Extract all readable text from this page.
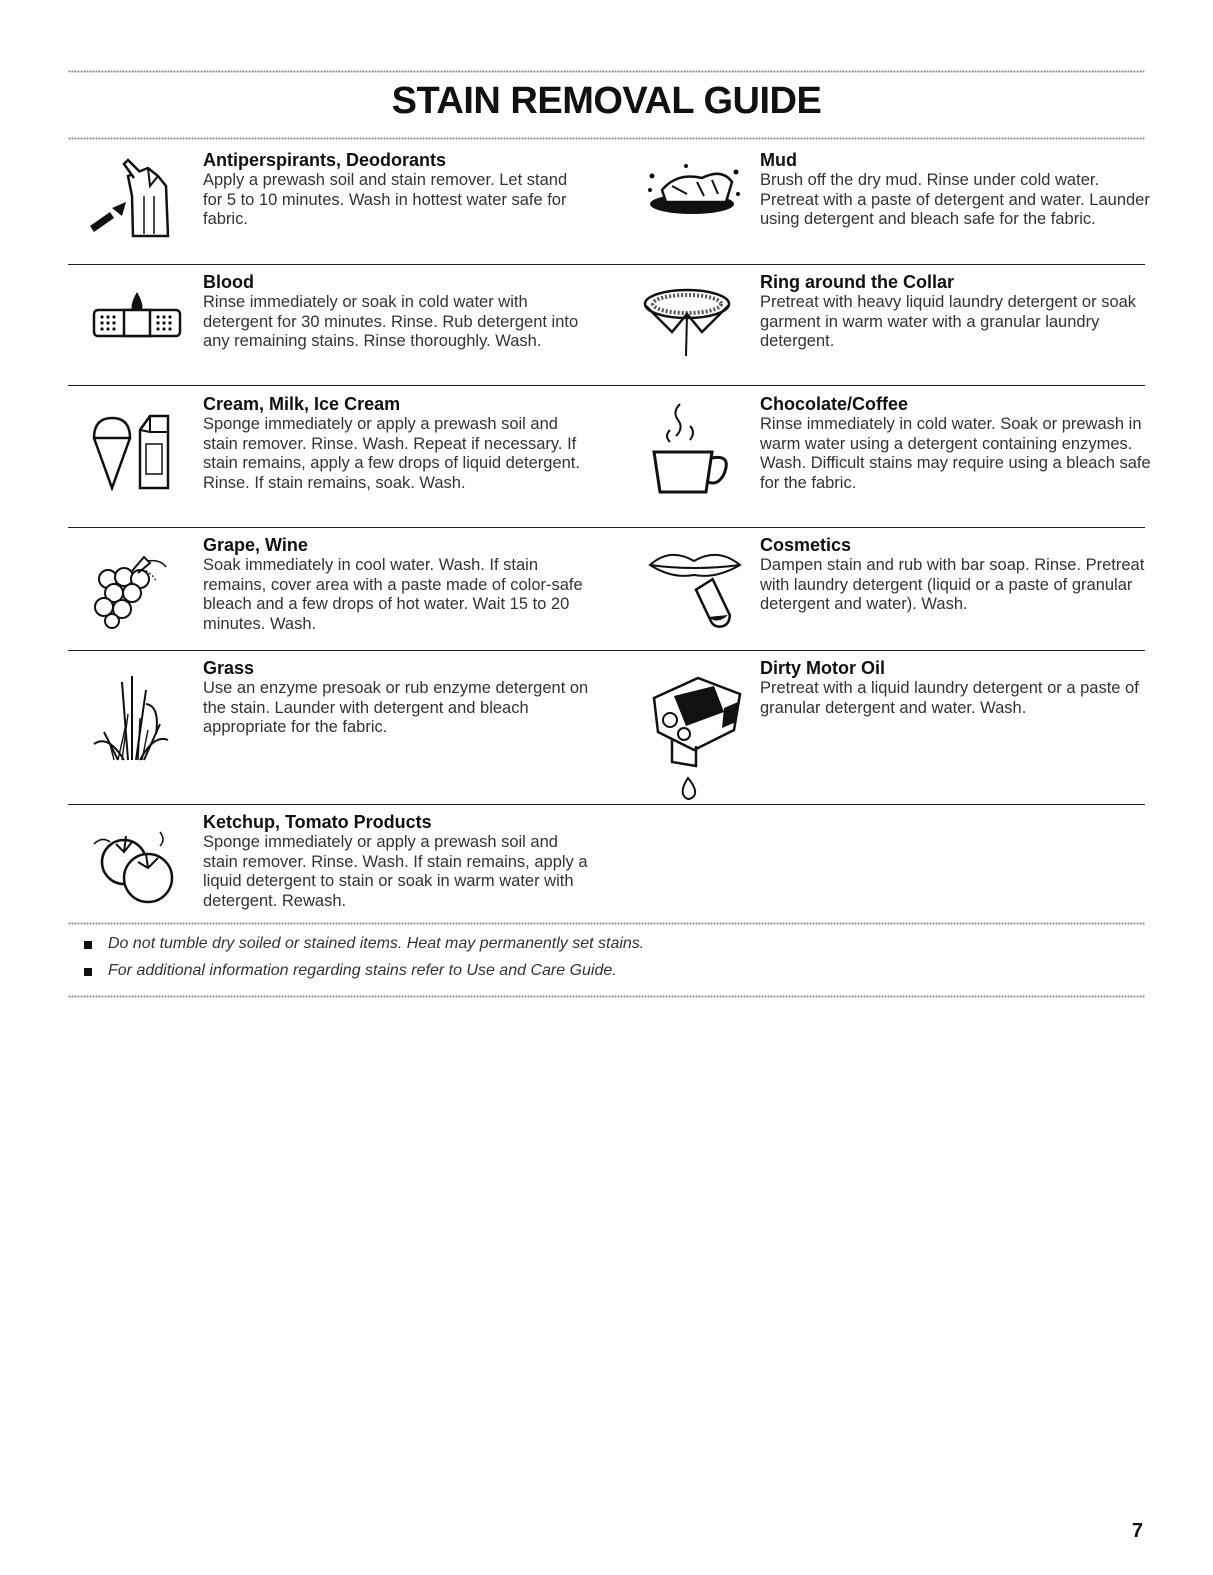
STAIN REMOVAL GUIDE

Antiperspirants, Deodorants

Apply a prewash soil and stain remover. Let stand for 5 to 10 minutes. Wash in hottest water safe for fabric.

Mud

Brush off the dry mud. Rinse under cold water. Pretreat with a paste of detergent and water. Launder using detergent and bleach safe for the fabric.

Blood

Rinse immediately or soak in cold water with detergent for 30 minutes. Rinse. Rub detergent into any remaining stains. Rinse thoroughly. Wash.

Ring around the Collar

Pretreat with heavy liquid laundry detergent or soak garment in warm water with a granular laundry detergent.

Cream, Milk, Ice Cream

Sponge immediately or apply a prewash soil and stain remover. Rinse. Wash. Repeat if necessary. If stain remains, apply a few drops of liquid detergent. Rinse. If stain remains, soak. Wash.

Chocolate/Coffee

Rinse immediately in cold water. Soak or prewash in warm water using a detergent containing enzymes. Wash. Difficult stains may require using a bleach safe for the fabric.

Grape, Wine

Soak immediately in cool water. Wash. If stain remains, cover area with a paste made of color-safe bleach and a few drops of hot water. Wait 15 to 20 minutes. Wash.

Cosmetics

Dampen stain and rub with bar soap. Rinse. Pretreat with laundry detergent (liquid or a paste of granular detergent and water). Wash.

Grass

Use an enzyme presoak or rub enzyme detergent on the stain. Launder with detergent and bleach appropriate for the fabric.

Dirty Motor Oil

Pretreat with a liquid laundry detergent or a paste of granular detergent and water. Wash.

Ketchup, Tomato Products

Sponge immediately or apply a prewash soil and stain remover. Rinse. Wash. If stain remains, apply a liquid detergent to stain or soak in warm water with detergent. Rewash.

Do not tumble dry soiled or stained items. Heat may permanently set stains.
For additional information regarding stains refer to Use and Care Guide.
7
